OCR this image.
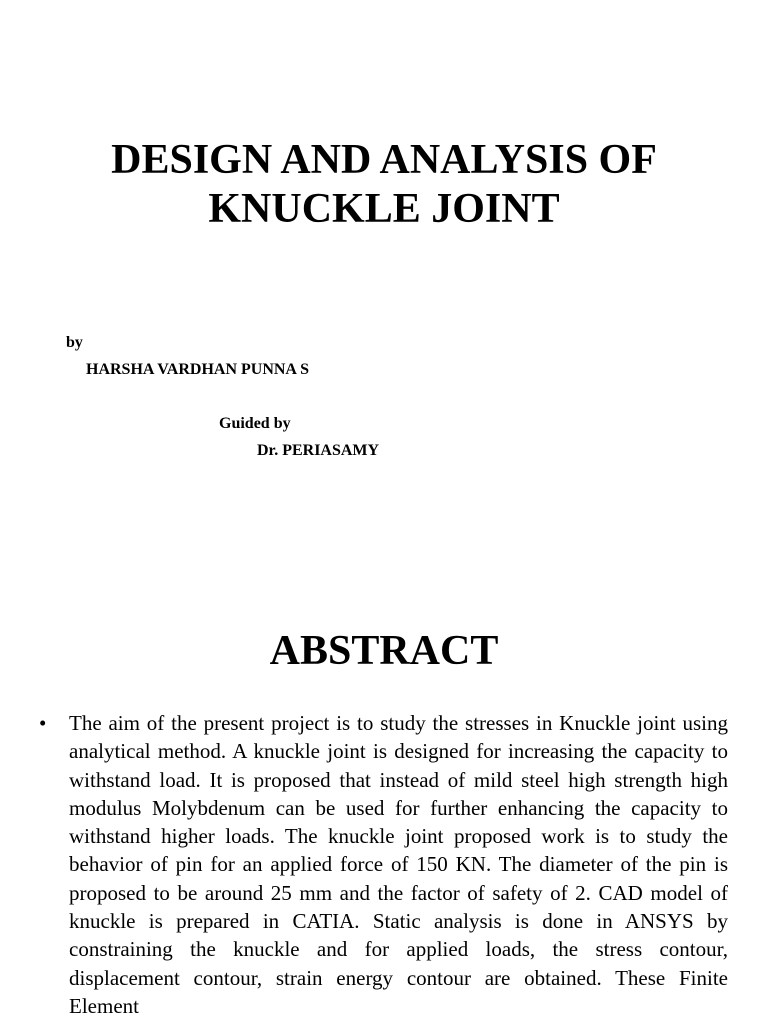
DESIGN AND ANALYSIS OF
KNUCKLE JOINT
by
HARSHA VARDHAN PUNNA S
Guided by
Dr. PERIASAMY
ABSTRACT
• The aim of the present project is to study the stresses in Knuckle joint using analytical method. A knuckle joint is designed for increasing the capacity to withstand load. It is proposed that instead of mild steel high strength high modulus Molybdenum can be used for further enhancing the capacity to withstand higher loads. The knuckle joint proposed work is to study the behavior of pin for an applied force of 150 KN. The diameter of the pin is proposed to be around 25 mm and the factor of safety of 2. CAD model of knuckle is prepared in CATIA. Static analysis is done in ANSYS by constraining the knuckle and for applied loads, the stress contour, displacement contour, strain energy contour are obtained. These Finite Element
